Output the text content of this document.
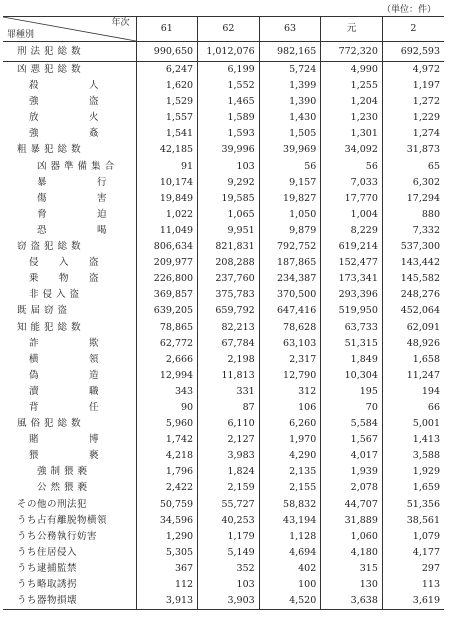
（単位：件）
年次
罪種別	61	62	63	元	2
刑 法 犯 総 数	990,650	1,012,076	982,165	772,320	692,593
凶 悪 犯 総 数	6,247	6,199	5,724	4,990	4,972
殺　　　　　人	1,620	1,552	1,399	1,255	1,197
強　　　　　盗	1,529	1,465	1,390	1,204	1,272
放　　　　　火	1,557	1,589	1,430	1,230	1,229
強　　　　　姦	1,541	1,593	1,505	1,301	1,274
粗 暴 犯 総 数	42,185	39,996	39,969	34,092	31,873
凶 器 準 備 集 合	91	103	56	56	65
暴　　　　　行	10,174	9,292	9,157	7,033	6,302
傷　　　　　害	19,849	19,585	19,827	17,770	17,294
脅　　　　　迫	1,022	1,065	1,050	1,004	880
恐　　　　　喝	11,049	9,951	9,879	8,229	7,332
窃 盗 犯 総 数	806,634	821,831	792,752	619,214	537,300
侵　　入　　盗	209,977	208,288	187,865	152,477	143,442
乗　　物　　盗	226,800	237,760	234,387	173,341	145,582
非 侵 入 盗	369,857	375,783	370,500	293,396	248,276
既 届 窃 盗	639,205	659,792	647,416	519,950	452,064
知 能 犯 総 数	78,865	82,213	78,628	63,733	62,091
詐　　　　　欺	62,772	67,784	63,103	51,315	48,926
横　　　　　領	2,666	2,198	2,317	1,849	1,658
偽　　　　　造	12,994	11,813	12,790	10,304	11,247
瀆　　　　　職	343	331	312	195	194
背　　　　　任	90	87	106	70	66
風 俗 犯 総 数	5,960	6,110	6,260	5,584	5,001
賭　　　　　博	1,742	2,127	1,970	1,567	1,413
猥　　　　　褻	4,218	3,983	4,290	4,017	3,588
強 制 猥 褻	1,796	1,824	2,135	1,939	1,929
公 然 猥 褻	2,422	2,159	2,155	2,078	1,659
その他の刑法犯	50,759	55,727	58,832	44,707	51,356
うち占有離脱物横領	34,596	40,253	43,194	31,889	38,561
うち公務執行妨害	1,290	1,179	1,128	1,060	1,079
うち住居侵入	5,305	5,149	4,694	4,180	4,177
うち逮捕監禁	367	352	402	315	297
うち略取誘拐	112	103	100	130	113
うち器物損壊	3,913	3,903	4,520	3,638	3,619
